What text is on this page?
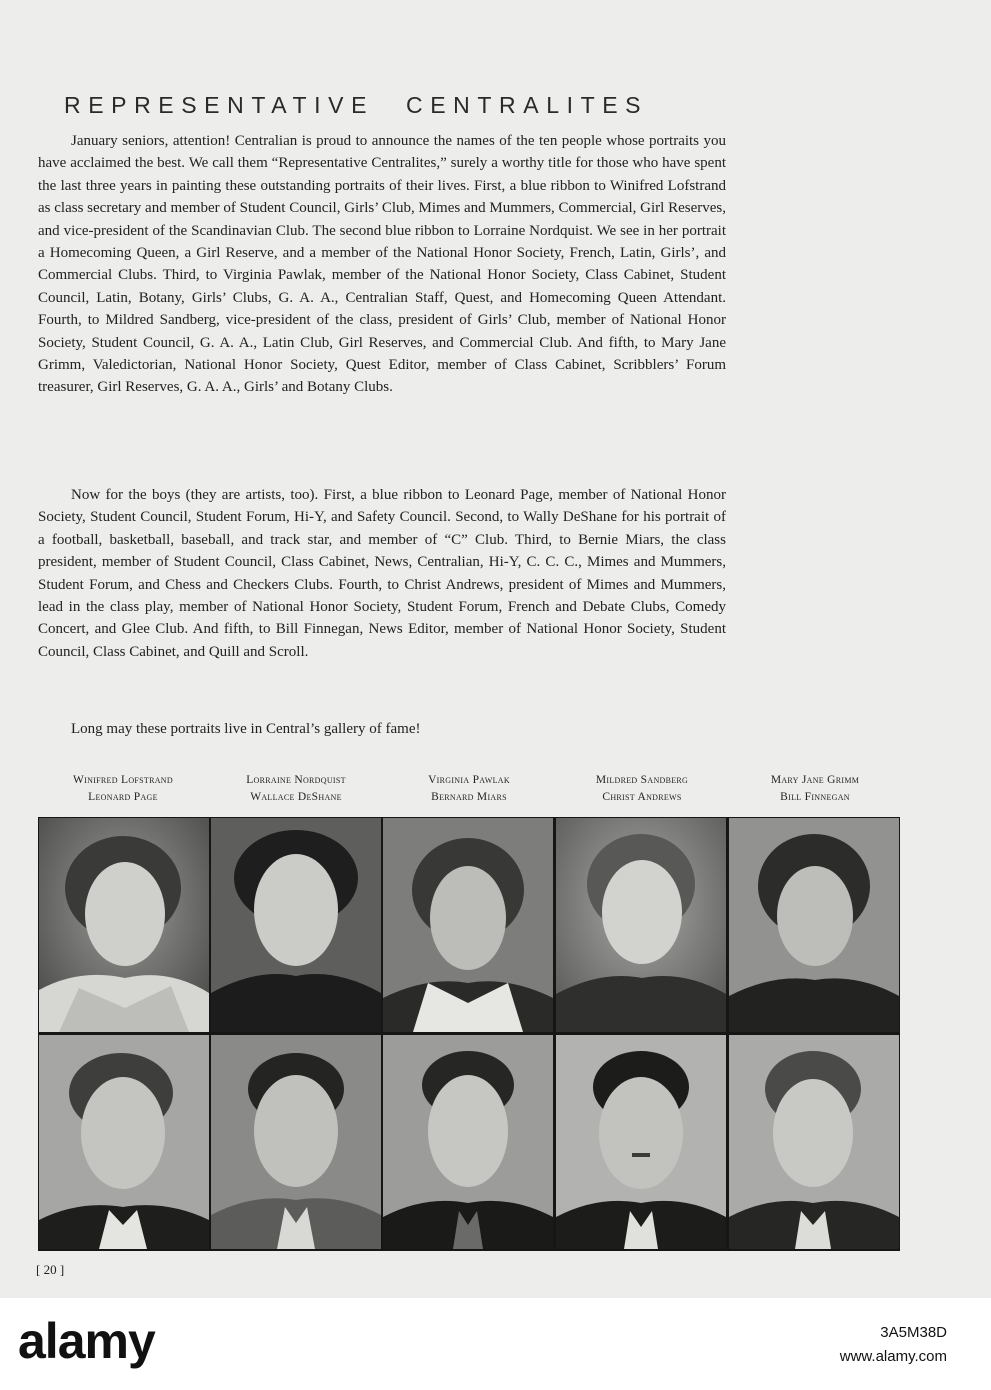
REPRESENTATIVE CENTRALITES

January seniors, attention! Centralian is proud to announce the names of the ten people whose portraits you have acclaimed the best. We call them “Representative Centralites,” surely a worthy title for those who have spent the last three years in painting these outstanding portraits of their lives. First, a blue ribbon to Winifred Lofstrand as class secretary and member of Student Council, Girls’ Club, Mimes and Mummers, Commercial, Girl Reserves, and vice-president of the Scandinavian Club. The second blue ribbon to Lorraine Nordquist. We see in her portrait a Homecoming Queen, a Girl Reserve, and a member of the National Honor Society, French, Latin, Girls’, and Commercial Clubs. Third, to Virginia Pawlak, member of the National Honor Society, Class Cabinet, Student Council, Latin, Botany, Girls’ Clubs, G. A. A., Centralian Staff, Quest, and Homecoming Queen Attendant. Fourth, to Mildred Sandberg, vice-president of the class, president of Girls’ Club, member of National Honor Society, Student Council, G. A. A., Latin Club, Girl Reserves, and Commercial Club. And fifth, to Mary Jane Grimm, Valedictorian, National Honor Society, Quest Editor, member of Class Cabinet, Scribblers’ Forum treasurer, Girl Reserves, G. A. A., Girls’ and Botany Clubs.

Now for the boys (they are artists, too). First, a blue ribbon to Leonard Page, member of National Honor Society, Student Council, Student Forum, Hi-Y, and Safety Council. Second, to Wally DeShane for his portrait of a football, basketball, baseball, and track star, and member of “C” Club. Third, to Bernie Miars, the class president, member of Student Council, Class Cabinet, News, Centralian, Hi-Y, C. C. C., Mimes and Mummers, Student Forum, and Chess and Checkers Clubs. Fourth, to Christ Andrews, president of Mimes and Mummers, lead in the class play, member of National Honor Society, Student Forum, French and Debate Clubs, Comedy Concert, and Glee Club. And fifth, to Bill Finnegan, News Editor, member of National Honor Society, Student Council, Class Cabinet, and Quill and Scroll.

Long may these portraits live in Central’s gallery of fame!

Winifred Lofstrand
Leonard Page
Lorraine Nordquist
Wallace DeShane
Virginia Pawlak
Bernard Miars
Mildred Sandberg
Christ Andrews
Mary Jane Grimm
Bill Finnegan
[ 20 ]
alamy	3A5M38D
www.alamy.com
